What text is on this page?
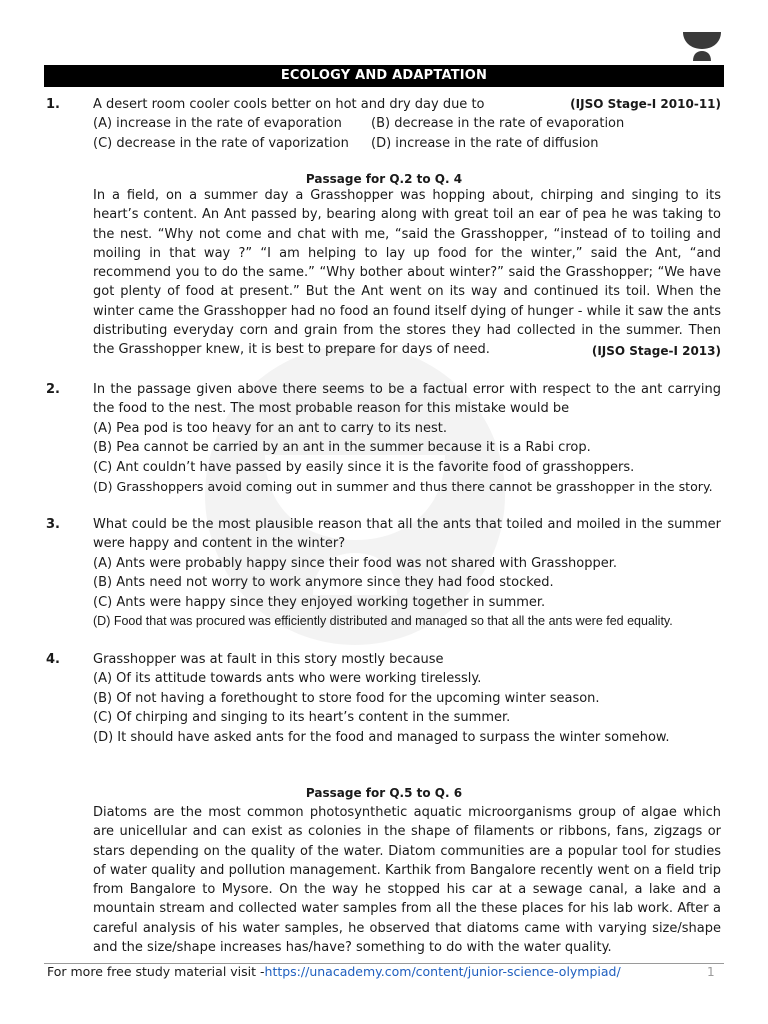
ECOLOGY AND ADAPTATION
1.	A desert room cooler cools better on hot and dry day due to
(A) increase in the rate of evaporation	(B) decrease in the rate of evaporation
(C) decrease in the rate of vaporization	(D) increase in the rate of diffusion
(IJSO Stage-I 2010-11)
Passage for Q.2 to Q. 4
In a field, on a summer day a Grasshopper was hopping about, chirping and singing to its heart’s content. An Ant passed by, bearing along with great toil an ear of pea he was taking to the nest. “Why not come and chat with me, “said the Grasshopper, “instead of to toiling and moiling in that way ?” “I am helping to lay up food for the winter,” said the Ant, “and recommend you to do the same.” “Why bother about winter?” said the Grasshopper; “We have got plenty of food at present.” But the Ant went on its way and continued its toil. When the winter came the Grasshopper had no food an found itself dying of hunger - while it saw the ants distributing everyday corn and grain from the stores they had collected in the summer. Then the Grasshopper knew, it is best to prepare for days of need.	(IJSO Stage-I 2013)
2.	In the passage given above there seems to be a factual error with respect to the ant carrying the food to the nest. The most probable reason for this mistake would be
(A) Pea pod is too heavy for an ant to carry to its nest.
(B) Pea cannot be carried by an ant in the summer because it is a Rabi crop.
(C) Ant couldn’t have passed by easily since it is the favorite food of grasshoppers.
(D) Grasshoppers avoid coming out in summer and thus there cannot be grasshopper in the story.
3.	What could be the most plausible reason that all the ants that toiled and moiled in the summer were happy and content in the winter?
(A) Ants were probably happy since their food was not shared with Grasshopper.
(B) Ants need not worry to work anymore since they had food stocked.
(C) Ants were happy since they enjoyed working together in summer.
(D) Food that was procured was efficiently distributed and managed so that all the ants were fed equality.
4.	Grasshopper was at fault in this story mostly because
(A) Of its attitude towards ants who were working tirelessly.
(B) Of not having a forethought to store food for the upcoming winter season.
(C) Of chirping and singing to its heart’s content in the summer.
(D) It should have asked ants for the food and managed to surpass the winter somehow.
Passage for Q.5 to Q. 6
Diatoms are the most common photosynthetic aquatic microorganisms group of algae which are unicellular and can exist as colonies in the shape of filaments or ribbons, fans, zigzags or stars depending on the quality of the water. Diatom communities are a popular tool for studies of water quality and pollution management. Karthik from Bangalore recently went on a field trip from Bangalore to Mysore. On the way he stopped his car at a sewage canal, a lake and a mountain stream and collected water samples from all the these places for his lab work. After a careful analysis of his water samples, he observed that diatoms came with varying size/shape and the size/shape increases has/have? something to do with the water quality.
For more free study material visit -https://unacademy.com/content/junior-science-olympiad/	1
